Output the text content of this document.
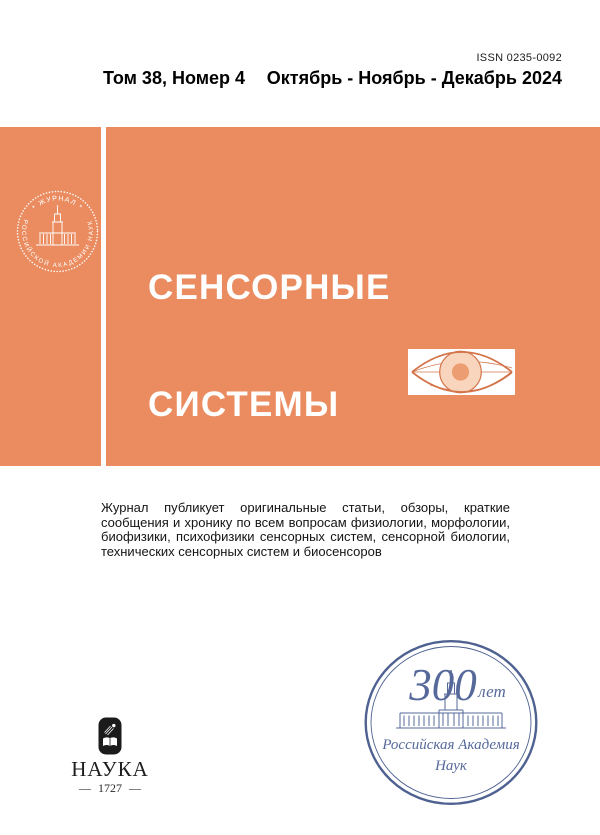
ISSN 0235-0092
Том 38, Номер 4 Октябрь - Ноябрь - Декабрь 2024

СЕНСОРНЫЕ

СИСТЕМЫ

* ЖУРНАЛ *
РОССИЙСКОЙ АКАДЕМИИ НАУК

Журнал публикует оригинальные статьи, обзоры, краткие сообщения и хронику по всем вопросам физиологии, морфологии, биофизики, психофизики сенсорных систем, сенсорной биологии, технических сенсорных систем и биосенсоров

НАУКА
— 1727 —
300 лет
Российская Академия
Наук
